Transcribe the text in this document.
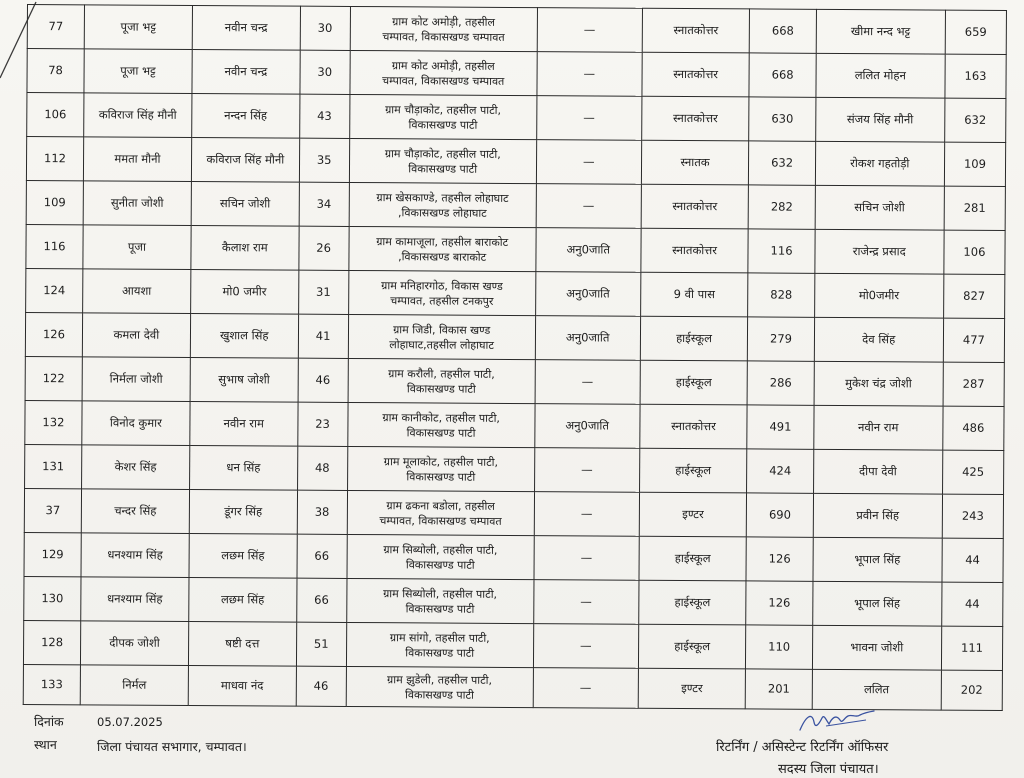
77	पूजा भट्ट	नवीन चन्द्र	30	ग्राम कोट अमोड़ी, तहसील
चम्पावत, विकासखण्ड चम्पावत	—	स्नातकोत्तर	668	खीमा नन्द भट्ट	659
78	पूजा भट्ट	नवीन चन्द्र	30	ग्राम कोट अमोड़ी, तहसील
चम्पावत, विकासखण्ड चम्पावत	—	स्नातकोत्तर	668	ललित मोहन	163
106	कविराज सिंह मौनी	नन्दन सिंह	43	ग्राम चौड़ाकोट, तहसील पाटी,
विकासखण्ड पाटी	—	स्नातकोत्तर	630	संजय सिंह मौनी	632
112	ममता मौनी	कविराज सिंह मौनी	35	ग्राम चौड़ाकोट, तहसील पाटी,
विकासखण्ड पाटी	—	स्नातक	632	रोकश गहतोड़ी	109
109	सुनीता जोशी	सचिन जोशी	34	ग्राम खेसकाण्डे, तहसील लोहाघाट
,विकासखण्ड लोहाघाट	—	स्नातकोत्तर	282	सचिन जोशी	281
116	पूजा	कैलाश राम	26	ग्राम कामाजूला, तहसील बाराकोट
,विकासखण्ड बाराकोट	अनु0जाति	स्नातकोत्तर	116	राजेन्द्र प्रसाद	106
124	आयशा	मो0 जमीर	31	ग्राम मनिहारगोठ, विकास खण्ड
चम्पावत, तहसील टनकपुर	अनु0जाति	9 वी पास	828	मो0जमीर	827
126	कमला देवी	खुशाल सिंह	41	ग्राम जिडी, विकास खण्ड
लोहाघाट,तहसील लोहाघाट	अनु0जाति	हाईस्कूल	279	देव सिंह	477
122	निर्मला जोशी	सुभाष जोशी	46	ग्राम करौली, तहसील पाटी,
विकासखण्ड पाटी	—	हाईस्कूल	286	मुकेश चंद्र जोशी	287
132	विनोद कुमार	नवीन राम	23	ग्राम कानीकोट, तहसील पाटी,
विकासखण्ड पाटी	अनु0जाति	स्नातकोत्तर	491	नवीन राम	486
131	केशर सिंह	धन सिंह	48	ग्राम मूलाकोट, तहसील पाटी,
विकासखण्ड पाटी	—	हाईस्कूल	424	दीपा देवी	425
37	चन्दर सिंह	डूंगर सिंह	38	ग्राम ढकना बडोला, तहसील
चम्पावत, विकासखण्ड चम्पावत	—	इण्टर	690	प्रवीन सिंह	243
129	धनश्याम सिंह	लछम सिंह	66	ग्राम सिब्योली, तहसील पाटी,
विकासखण्ड पाटी	—	हाईस्कूल	126	भूपाल सिंह	44
130	धनश्याम सिंह	लछम सिंह	66	ग्राम सिब्योली, तहसील पाटी,
विकासखण्ड पाटी	—	हाईस्कूल	126	भूपाल सिंह	44
128	दीपक जोशी	षष्टी दत्त	51	ग्राम सांगो, तहसील पाटी,
विकासखण्ड पाटी	—	हाईस्कूल	110	भावना जोशी	111
133	निर्मल	माधवा नंद	46	ग्राम झुडेली, तहसील पाटी,
विकासखण्ड पाटी	—	इण्टर	201	ललित	202
दिनांक	05.07.2025
स्थान	जिला पंचायत सभागार, चम्पावत।	रिटर्निंग / असिस्टेन्ट रिटर्निंग ऑफिसर
सदस्य जिला पंचायत।
